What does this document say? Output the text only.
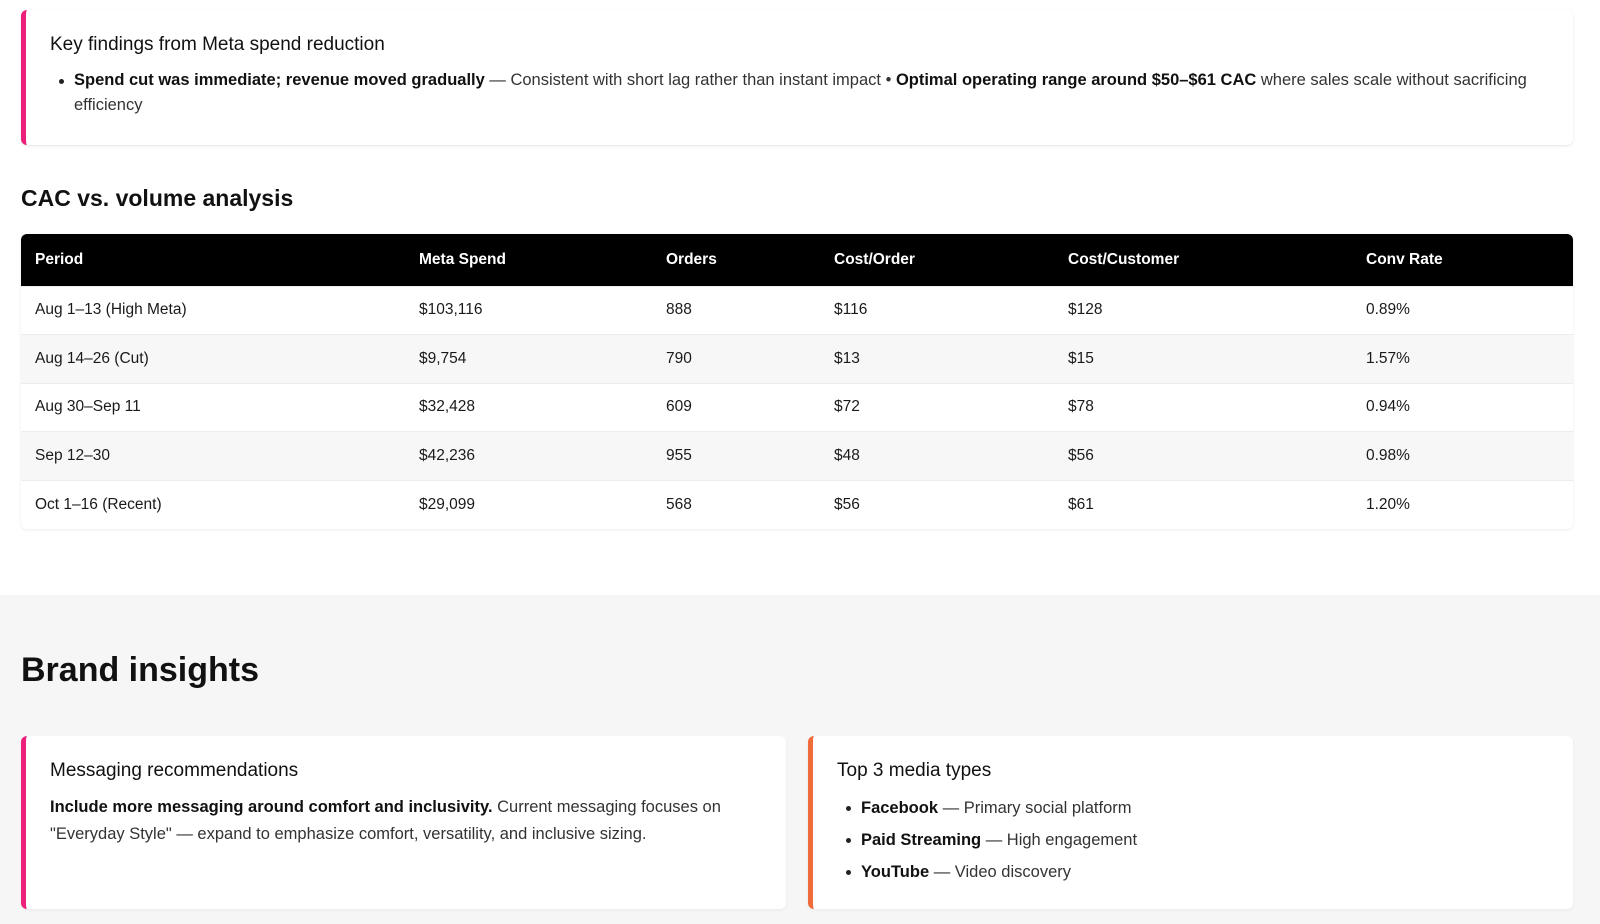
Key findings from Meta spend reduction
Spend cut was immediate; revenue moved gradually — Consistent with short lag rather than instant impact • Optimal operating range around $50–$61 CAC where sales scale without sacrificing efficiency
CAC vs. volume analysis
Period	Meta Spend	Orders	Cost/Order	Cost/Customer	Conv Rate
Aug 1–13 (High Meta)	$103,116	888	$116	$128	0.89%
Aug 14–26 (Cut)	$9,754	790	$13	$15	1.57%
Aug 30–Sep 11	$32,428	609	$72	$78	0.94%
Sep 12–30	$42,236	955	$48	$56	0.98%
Oct 1–16 (Recent)	$29,099	568	$56	$61	1.20%
Brand insights
Messaging recommendations

Include more messaging around comfort and inclusivity. Current messaging focuses on "Everyday Style" — expand to emphasize comfort, versatility, and inclusive sizing.

Top 3 media types
Facebook — Primary social platform
Paid Streaming — High engagement
YouTube — Video discovery
